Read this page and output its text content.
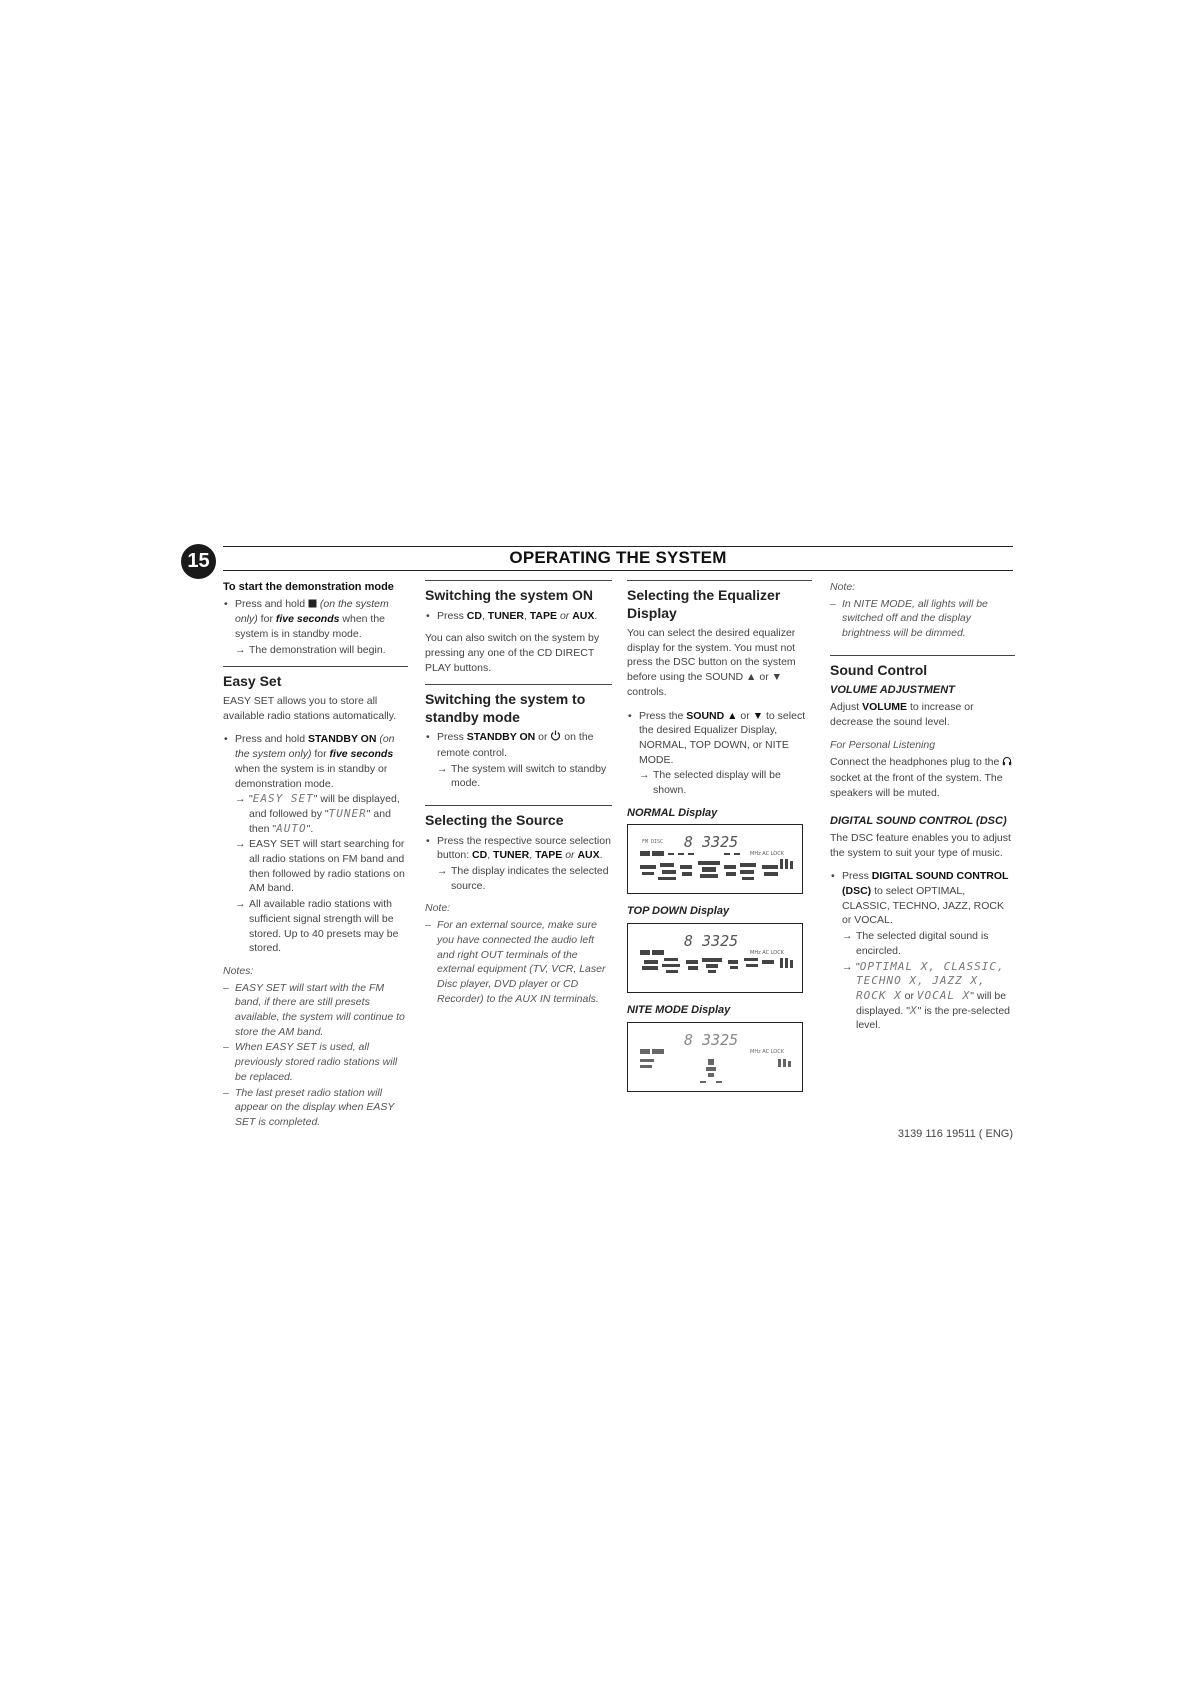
15	OPERATING THE SYSTEM
To start the demonstration mode
• Press and hold  (on the system only) for five seconds when the system is in standby mode.
→ The demonstration will begin.
Easy Set

EASY SET allows you to store all available radio stations automatically.

• Press and hold STANDBY ON (on the system only) for five seconds when the system is in standby or demonstration mode.
→ "EASY SET" will be displayed, and followed by "TUNER" and then "AUTO".
→ EASY SET will start searching for all radio stations on FM band and then followed by radio stations on AM band.
→ All available radio stations with sufficient signal strength will be stored. Up to 40 presets may be stored.

Notes:

– EASY SET will start with the FM band, if there are still presets available, the system will continue to store the AM band.
– When EASY SET is used, all previously stored radio stations will be replaced.
– The last preset radio station will appear on the display when EASY SET is completed.
Switching the system ON
• Press CD, TUNER, TAPE or AUX.

You can also switch on the system by pressing any one of the CD DIRECT PLAY buttons.

Switching the system to standby mode
• Press STANDBY ON or  on the remote control.
→ The system will switch to standby mode.
Selecting the Source
• Press the respective source selection button: CD, TUNER, TAPE or AUX.
→ The display indicates the selected source.

Note:

– For an external source, make sure you have connected the audio left and right OUT terminals of the external equipment (TV, VCR, Laser Disc player, DVD player or CD Recorder) to the AUX IN terminals.
Selecting the Equalizer Display

You can select the desired equalizer display for the system. You must not press the DSC button on the system before using the SOUND ▲ or ▼ controls.

• Press the SOUND ▲ or ▼ to select the desired Equalizer Display, NORMAL, TOP DOWN, or NITE MODE.
→ The selected display will be shown.
NORMAL Display
FM DISC 8 3325
MHz AC LOCK
TOP DOWN Display
8 3325
MHz AC LOCK
NITE MODE Display
8 3325
MHz AC LOCK

Note:

– In NITE MODE, all lights will be switched off and the display brightness will be dimmed.
Sound Control
VOLUME ADJUSTMENT

Adjust VOLUME to increase or decrease the sound level.

For Personal Listening

Connect the headphones plug to the  socket at the front of the system. The speakers will be muted.

DIGITAL SOUND CONTROL (DSC)

The DSC feature enables you to adjust the system to suit your type of music.

• Press DIGITAL SOUND CONTROL (DSC) to select OPTIMAL, CLASSIC, TECHNO, JAZZ, ROCK or VOCAL.
→ The selected digital sound is encircled.
→ "OPTIMAL X, CLASSIC, TECHNO X, JAZZ X, ROCK X or VOCAL X" will be displayed. "X" is the pre-selected level.
3139 116 19511 ( ENG)
